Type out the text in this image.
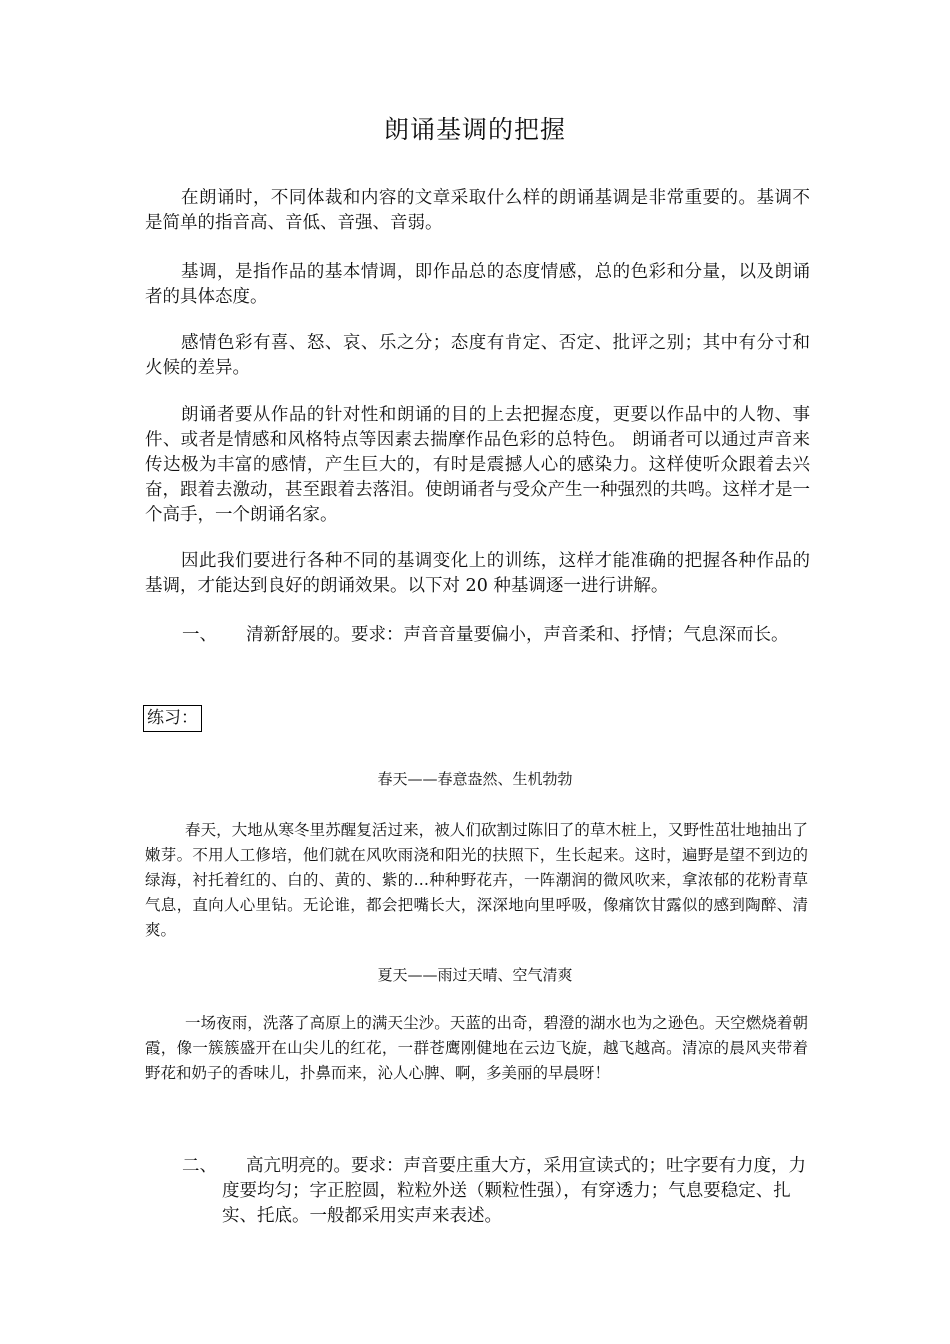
朗诵基调的把握

在朗诵时，不同体裁和内容的文章采取什么样的朗诵基调是非常重要的。基调不是简单的指音高、音低、音强、音弱。

基调，是指作品的基本情调，即作品总的态度情感，总的色彩和分量，以及朗诵者的具体态度。

感情色彩有喜、怒、哀、乐之分；态度有肯定、否定、批评之别；其中有分寸和火候的差异。

朗诵者要从作品的针对性和朗诵的目的上去把握态度，更要以作品中的人物、事件、或者是情感和风格特点等因素去揣摩作品色彩的总特色。 朗诵者可以通过声音来传达极为丰富的感情，产生巨大的，有时是震撼人心的感染力。这样使听众跟着去兴奋，跟着去激动，甚至跟着去落泪。使朗诵者与受众产生一种强烈的共鸣。这样才是一个高手，一个朗诵名家。

因此我们要进行各种不同的基调变化上的训练，这样才能准确的把握各种作品的基调，才能达到良好的朗诵效果。以下对 20 种基调逐一进行讲解。

一、	清新舒展的。要求：声音音量要偏小，声音柔和、抒情；气息深而长。
练习：
春天——春意盎然、生机勃勃

春天，大地从寒冬里苏醒复活过来，被人们砍割过陈旧了的草木桩上，又野性茁壮地抽出了嫩芽。不用人工修培，他们就在风吹雨浇和阳光的扶照下，生长起来。这时，遍野是望不到边的绿海，衬托着红的、白的、黄的、紫的…种种野花卉，一阵潮润的微风吹来，拿浓郁的花粉青草气息，直向人心里钻。无论谁，都会把嘴长大，深深地向里呼吸，像痛饮甘露似的感到陶醉、清爽。

夏天——雨过天晴、空气清爽

一场夜雨，洗落了高原上的满天尘沙。天蓝的出奇，碧澄的湖水也为之逊色。天空燃烧着朝霞，像一簇簇盛开在山尖儿的红花，一群苍鹰刚健地在云边飞旋，越飞越高。清凉的晨风夹带着野花和奶子的香味儿，扑鼻而来，沁人心脾、啊，多美丽的早晨呀！

二、	高亢明亮的。要求：声音要庄重大方，采用宣读式的；吐字要有力度，力度要均匀；字正腔圆，粒粒外送（颗粒性强），有穿透力；气息要稳定、扎实、托底。一般都采用实声来表述。
